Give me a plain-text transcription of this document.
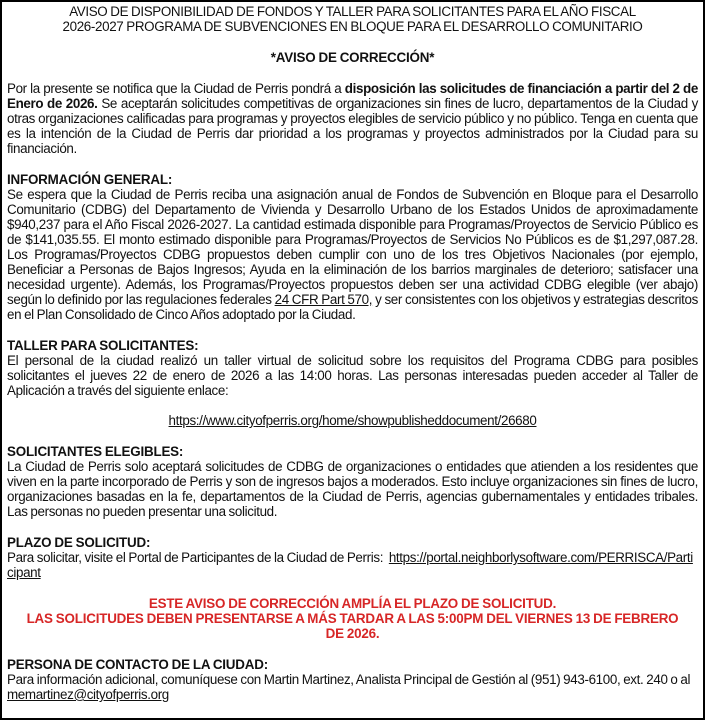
AVISO DE DISPONIBILIDAD DE FONDOS Y TALLER PARA SOLICITANTES PARA EL AÑO FISCAL
2026-2027 PROGRAMA DE SUBVENCIONES EN BLOQUE PARA EL DESARROLLO COMUNITARIO
*AVISO DE CORRECCIÓN*
Por la presente se notifica que la Ciudad de Perris pondrá a disposición las solicitudes de financiación a partir del 2 de Enero de 2026. Se aceptarán solicitudes competitivas de organizaciones sin fines de lucro, departamentos de la Ciudad y otras organizaciones calificadas para programas y proyectos elegibles de servicio público y no público. Tenga en cuenta que es la intención de la Ciudad de Perris dar prioridad a los programas y proyectos administrados por la Ciudad para su financiación.
INFORMACIÓN GENERAL:
Se espera que la Ciudad de Perris reciba una asignación anual de Fondos de Subvención en Bloque para el Desarrollo Comunitario (CDBG) del Departamento de Vivienda y Desarrollo Urbano de los Estados Unidos de aproximadamente $940,237 para el Año Fiscal 2026-2027. La cantidad estimada disponible para Programas/Proyectos de Servicio Público es de $141,035.55. El monto estimado disponible para Programas/Proyectos de Servicios No Públicos es de $1,297,087.28. Los Programas/Proyectos CDBG propuestos deben cumplir con uno de los tres Objetivos Nacionales (por ejemplo, Beneficiar a Personas de Bajos Ingresos; Ayuda en la eliminación de los barrios marginales de deterioro; satisfacer una necesidad urgente). Además, los Programas/Proyectos propuestos deben ser una actividad CDBG elegible (ver abajo) según lo definido por las regulaciones federales 24 CFR Part 570, y ser consistentes con los objetivos y estrategias descritos en el Plan Consolidado de Cinco Años adoptado por la Ciudad.
TALLER PARA SOLICITANTES:
El personal de la ciudad realizó un taller virtual de solicitud sobre los requisitos del Programa CDBG para posibles solicitantes el jueves 22 de enero de 2026 a las 14:00 horas. Las personas interesadas pueden acceder al Taller de Aplicación a través del siguiente enlace:
https://www.cityofperris.org/home/showpublisheddocument/26680
SOLICITANTES ELEGIBLES:
La Ciudad de Perris solo aceptará solicitudes de CDBG de organizaciones o entidades que atienden a los residentes que viven en la parte incorporado de Perris y son de ingresos bajos a moderados. Esto incluye organizaciones sin fines de lucro, organizaciones basadas en la fe, departamentos de la Ciudad de Perris, agencias gubernamentales y entidades tribales. Las personas no pueden presentar una solicitud.
PLAZO DE SOLICITUD:
Para solicitar, visite el Portal de Participantes de la Ciudad de Perris:  https://portal.neighborlysoftware.com/PERRISCA/Participant
ESTE AVISO DE CORRECCIÓN AMPLÍA EL PLAZO DE SOLICITUD.
LAS SOLICITUDES DEBEN PRESENTARSE A MÁS TARDAR A LAS 5:00PM DEL VIERNES 13 DE FEBRERO DE 2026.
PERSONA DE CONTACTO DE LA CIUDAD:
Para información adicional, comuníquese con Martin Martinez, Analista Principal de Gestión al (951) 943-6100, ext. 240 o al memartinez@cityofperris.org
